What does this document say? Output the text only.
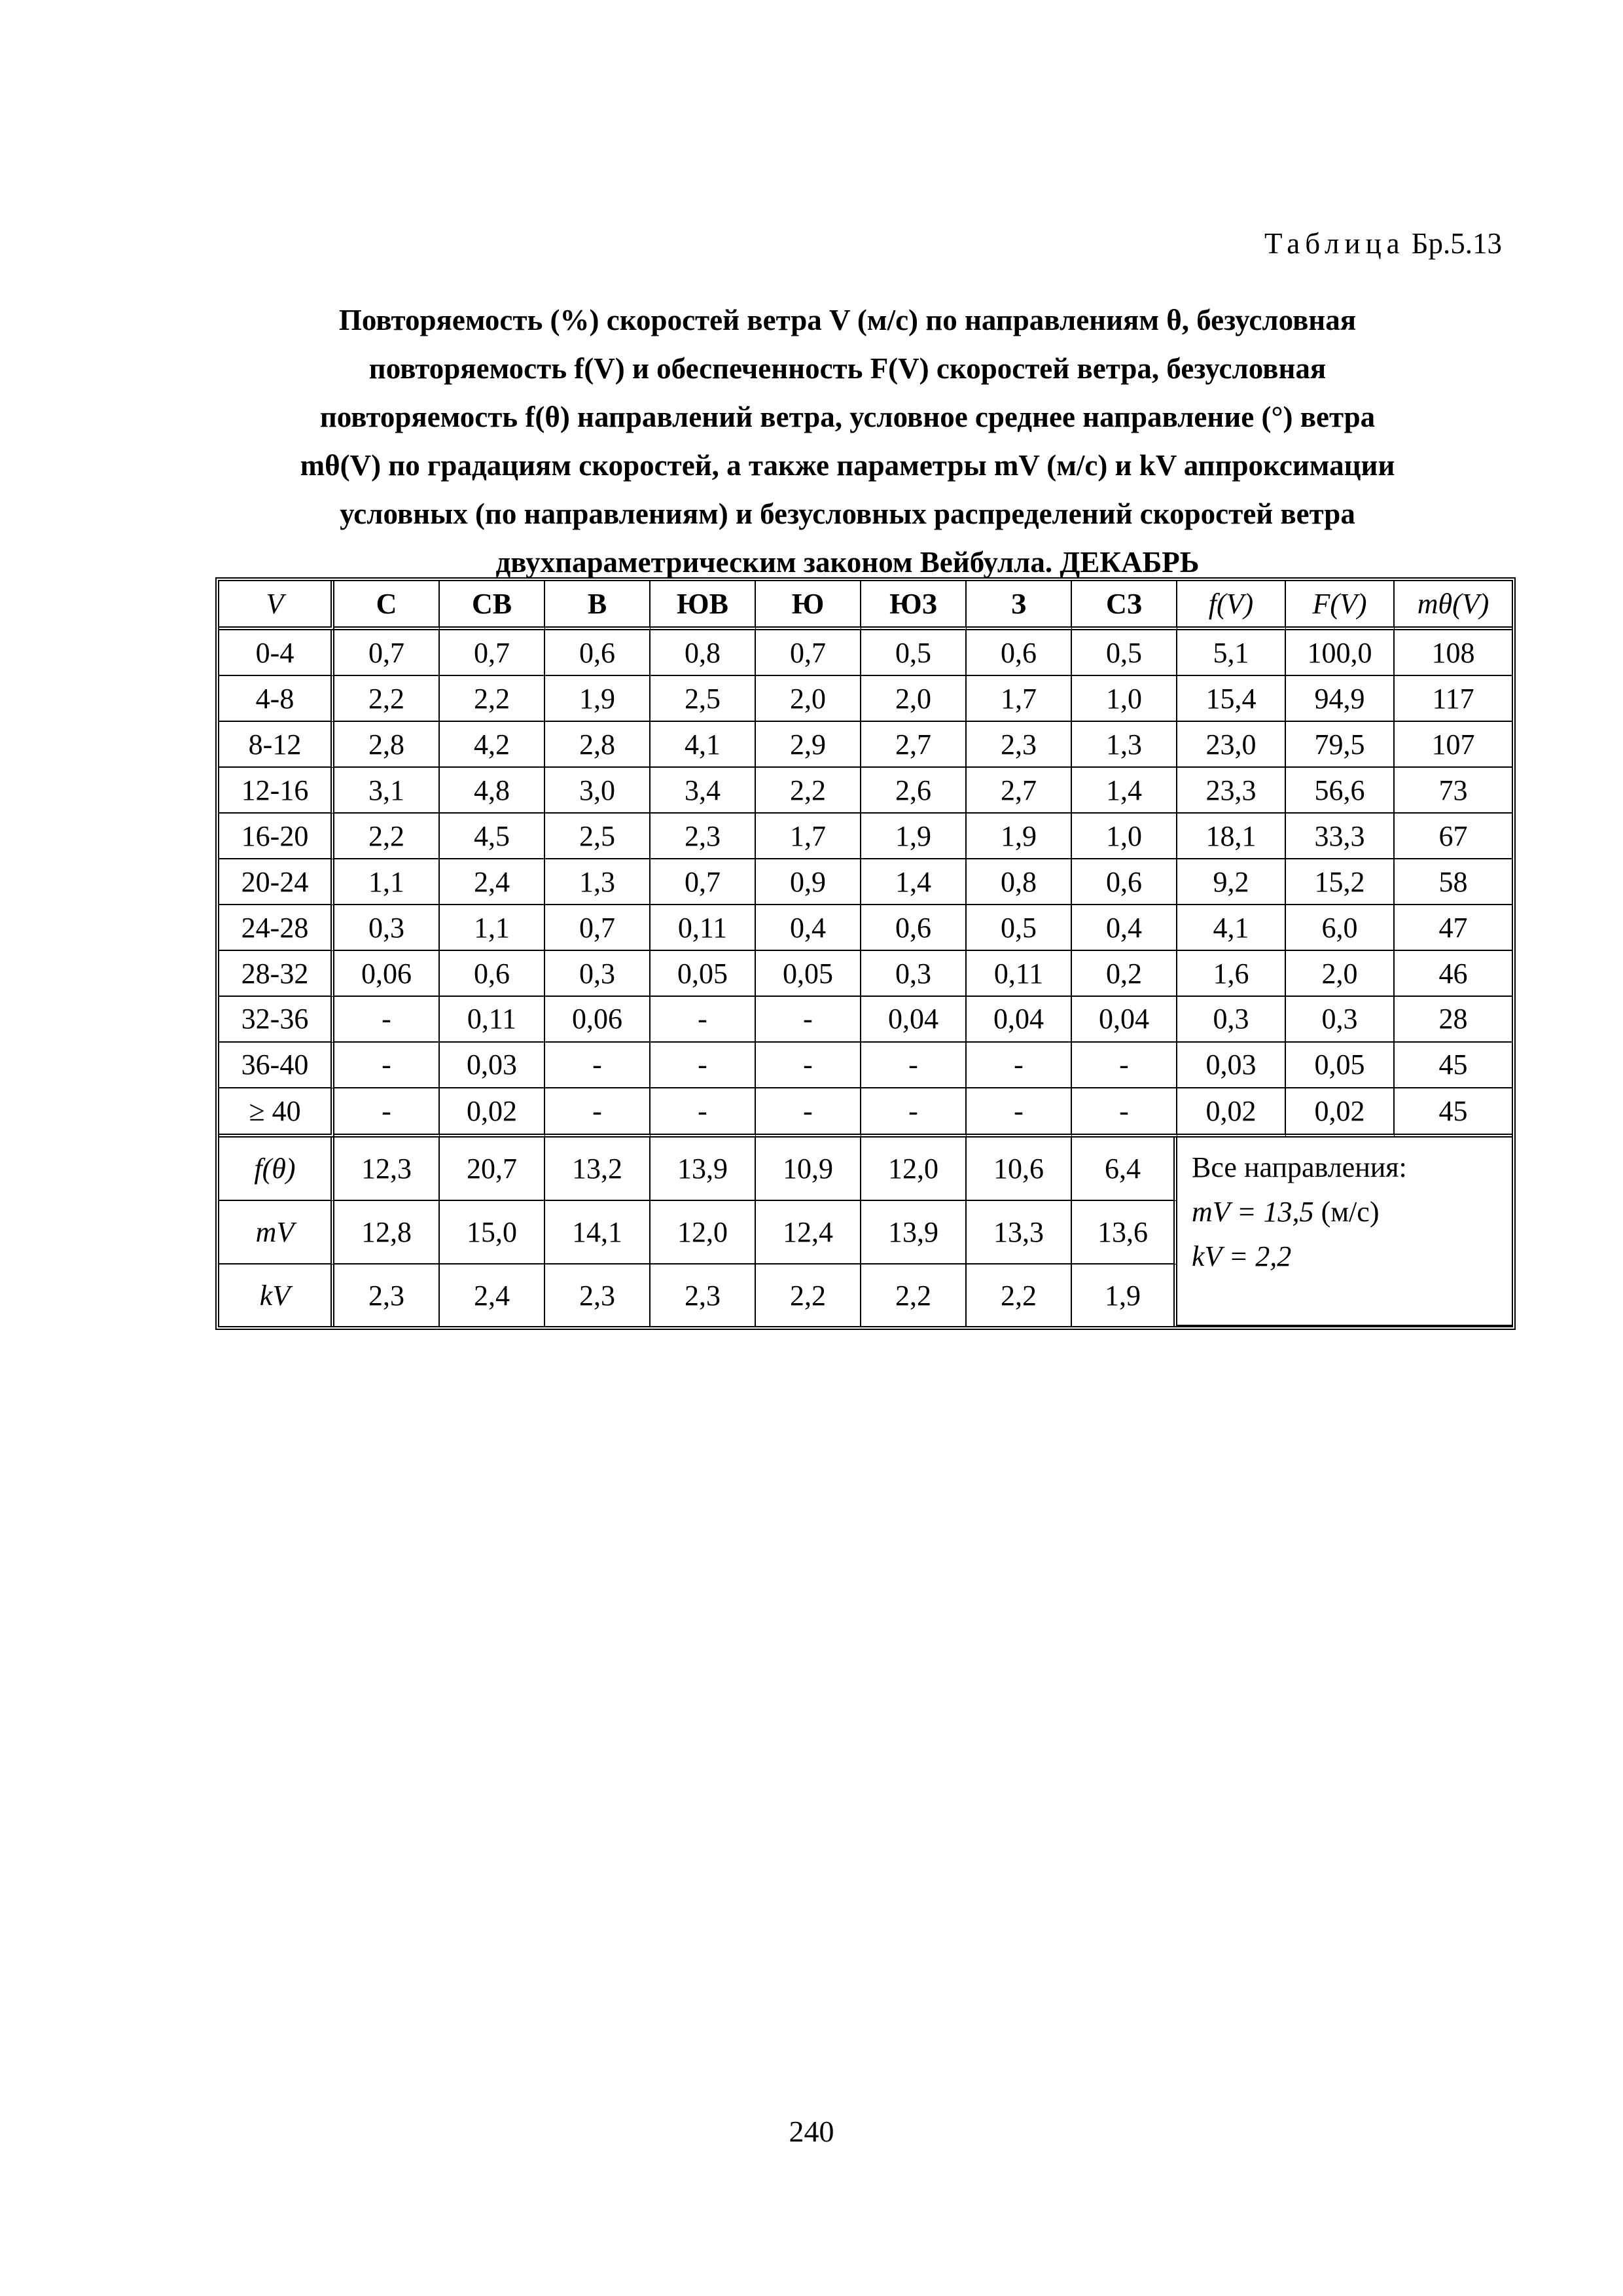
Таблица Бр.5.13
Повторяемость (%) скоростей ветра V (м/с) по направлениям θ, безусловная
повторяемость f(V) и обеспеченность F(V) скоростей ветра, безусловная
повторяемость f(θ) направлений ветра, условное среднее направление (°) ветра
mθ(V) по градациям скоростей, а также параметры mV (м/с) и kV аппроксимации
условных (по направлениям) и безусловных распределений скоростей ветра
двухпараметрическим законом Вейбулла. ДЕКАБРЬ
V	С	СВ	В	ЮВ	Ю	ЮЗ	З	СЗ	f(V)	F(V)	mθ(V)
0-4	0,7	0,7	0,6	0,8	0,7	0,5	0,6	0,5	5,1	100,0	108
4-8	2,2	2,2	1,9	2,5	2,0	2,0	1,7	1,0	15,4	94,9	117
8-12	2,8	4,2	2,8	4,1	2,9	2,7	2,3	1,3	23,0	79,5	107
12-16	3,1	4,8	3,0	3,4	2,2	2,6	2,7	1,4	23,3	56,6	73
16-20	2,2	4,5	2,5	2,3	1,7	1,9	1,9	1,0	18,1	33,3	67
20-24	1,1	2,4	1,3	0,7	0,9	1,4	0,8	0,6	9,2	15,2	58
24-28	0,3	1,1	0,7	0,11	0,4	0,6	0,5	0,4	4,1	6,0	47
28-32	0,06	0,6	0,3	0,05	0,05	0,3	0,11	0,2	1,6	2,0	46
32-36	-	0,11	0,06	-	-	0,04	0,04	0,04	0,3	0,3	28
36-40	-	0,03	-	-	-	-	-	-	0,03	0,05	45
≥ 40	-	0,02	-	-	-	-	-	-	0,02	0,02	45
f(θ)	12,3	20,7	13,2	13,9	10,9	12,0	10,6	6,4	Все направления:
mV = 13,5 (м/с)
kV = 2,2		

mV	12,8	15,0	14,1	12,0	12,4	13,9	13,3	13,6			
kV	2,3	2,4	2,3	2,3	2,2	2,2	2,2	1,9			
240
